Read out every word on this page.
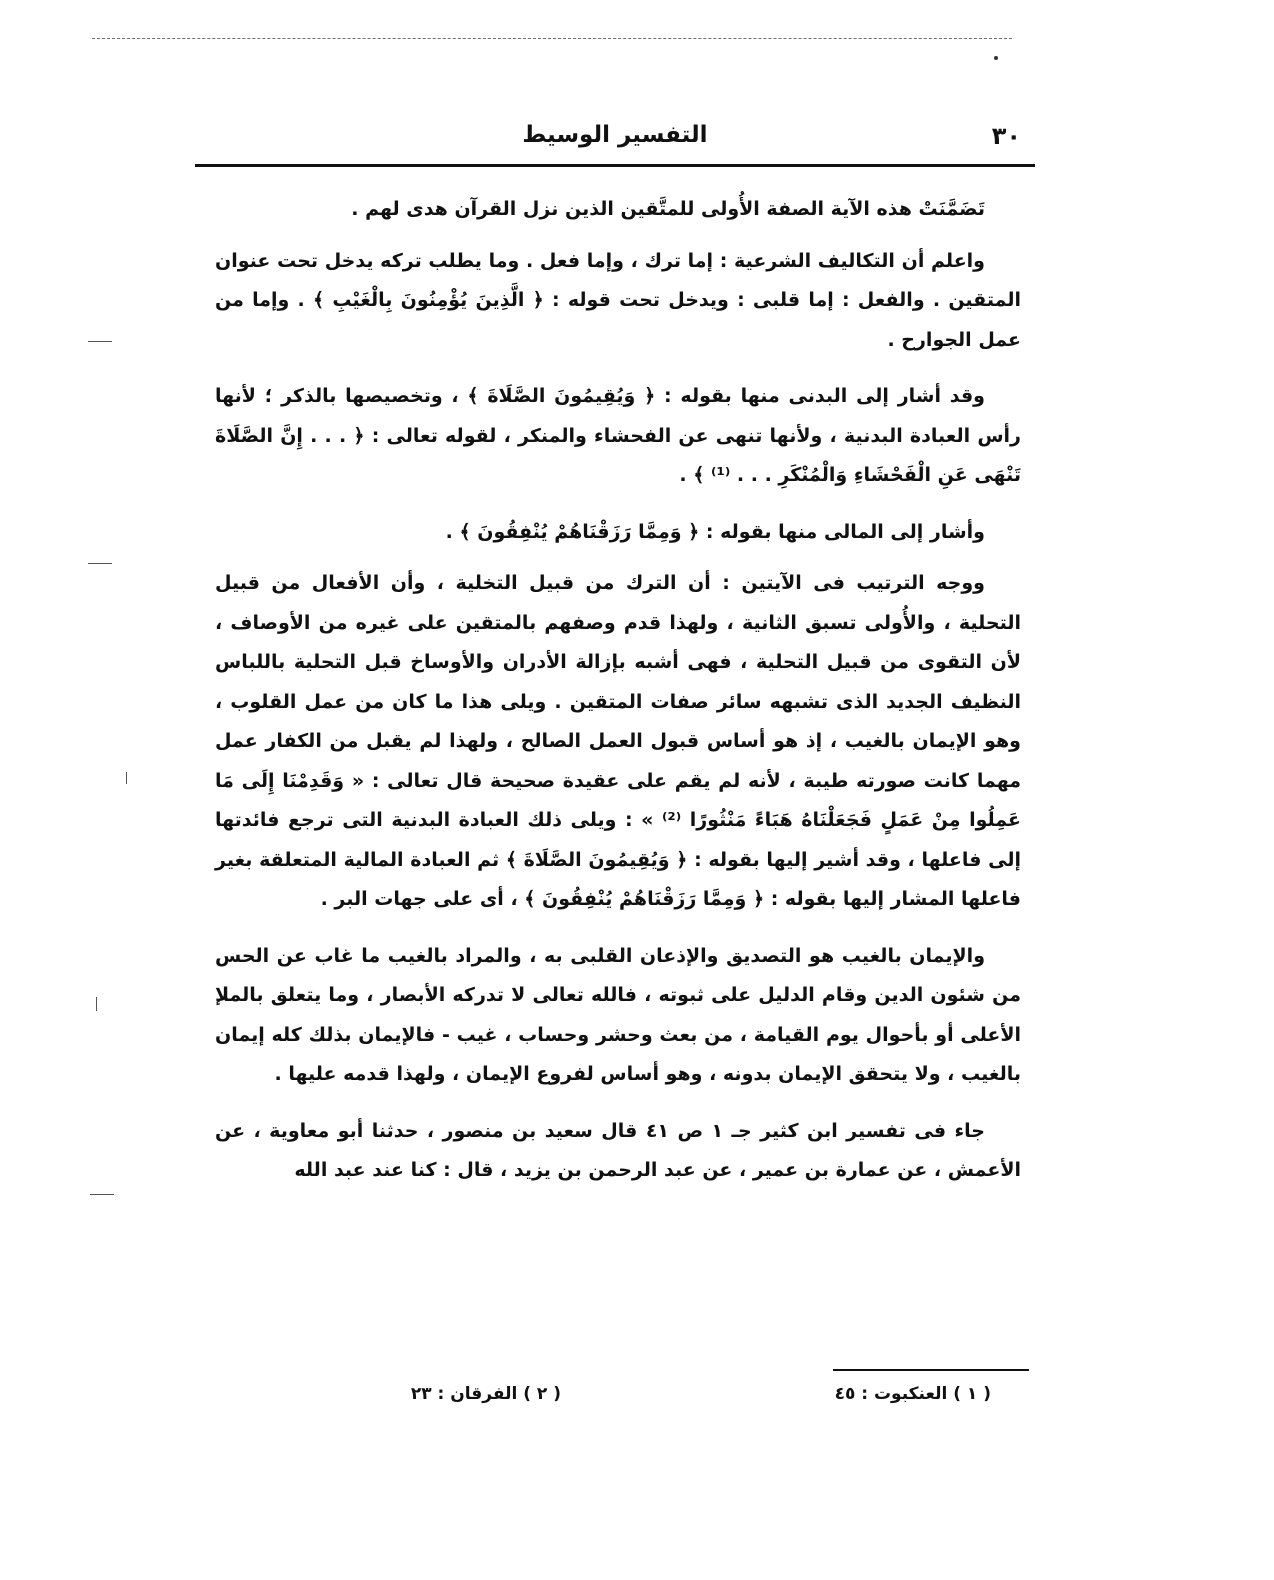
٣٠
التفسير الوسيط

تَضَمَّنَتْ هذه الآية الصفة الأُولى للمتَّقين الذين نزل القرآن هدى لهم .

واعلم أن التكاليف الشرعية : إما ترك ، وإما فعل . وما يطلب تركه يدخل تحت عنوان المتقين . والفعل : إما قلبى : ويدخل تحت قوله : ﴿ الَّذِينَ يُؤْمِنُونَ بِالْغَيْبِ ﴾ . وإما من عمل الجوارح .

وقد أشار إلى البدنى منها بقوله : ﴿ وَيُقِيمُونَ الصَّلَاةَ ﴾ ، وتخصيصها بالذكر ؛ لأنها رأس العبادة البدنية ، ولأنها تنهى عن الفحشاء والمنكر ، لقوله تعالى : ﴿ . . . إِنَّ الصَّلَاةَ تَنْهَى عَنِ الْفَحْشَاءِ وَالْمُنْكَرِ . . . ⁽¹⁾ ﴾ .

وأشار إلى المالى منها بقوله : ﴿ وَمِمَّا رَزَقْنَاهُمْ يُنْفِقُونَ ﴾ .

ووجه الترتيب فى الآيتين : أن الترك من قبيل التخلية ، وأن الأفعال من قبيل التحلية ، والأُولى تسبق الثانية ، ولهذا قدم وصفهم بالمتقين على غيره من الأوصاف ، لأن التقوى من قبيل التحلية ، فهى أشبه بإزالة الأدران والأوساخ قبل التحلية باللباس النظيف الجديد الذى تشبهه سائر صفات المتقين . ويلى هذا ما كان من عمل القلوب ، وهو الإيمان بالغيب ، إذ هو أساس قبول العمل الصالح ، ولهذا لم يقبل من الكفار عمل مهما كانت صورته طيبة ، لأنه لم يقم على عقيدة صحيحة قال تعالى : « وَقَدِمْنَا إِلَى مَا عَمِلُوا مِنْ عَمَلٍ فَجَعَلْنَاهُ هَبَاءً مَنْثُورًا ⁽²⁾ » : ويلى ذلك العبادة البدنية التى ترجع فائدتها إلى فاعلها ، وقد أشير إليها بقوله : ﴿ وَيُقِيمُونَ الصَّلَاةَ ﴾ ثم العبادة المالية المتعلقة بغير فاعلها المشار إليها بقوله : ﴿ وَمِمَّا رَزَقْنَاهُمْ يُنْفِقُونَ ﴾ ، أى على جهات البر .

والإيمان بالغيب هو التصديق والإذعان القلبى به ، والمراد بالغيب ما غاب عن الحس من شئون الدين وقام الدليل على ثبوته ، فالله تعالى لا تدركه الأبصار ، وما يتعلق بالملإ الأعلى أو بأحوال يوم القيامة ، من بعث وحشر وحساب ، غيب - فالإيمان بذلك كله إيمان بالغيب ، ولا يتحقق الإيمان بدونه ، وهو أساس لفروع الإيمان ، ولهذا قدمه عليها .

جاء فى تفسير ابن كثير جـ ١ ص ٤١ قال سعيد بن منصور ، حدثنا أبو معاوية ، عن الأعمش ، عن عمارة بن عمير ، عن عبد الرحمن بن يزيد ، قال : كنا عند عبد الله

( ١ ) العنكبوت : ٤٥
( ٢ ) الفرقان : ٢٣
